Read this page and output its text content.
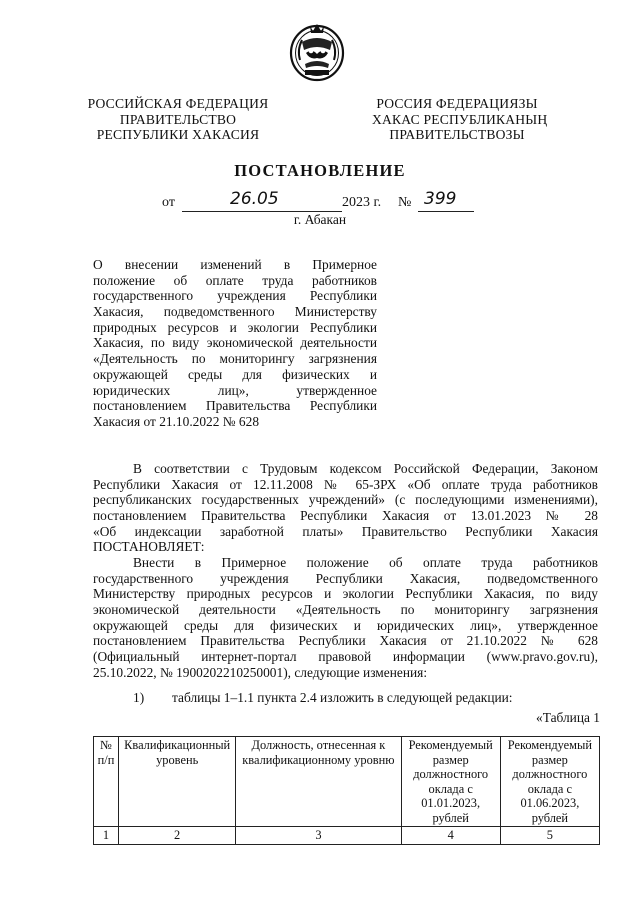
РОССИЙСКАЯ ФЕДЕРАЦИЯ
ПРАВИТЕЛЬСТВО
РЕСПУБЛИКИ ХАКАСИЯ
РОССИЯ ФЕДЕРАЦИЯЗЫ
ХАКАС РЕСПУБЛИКАНЫҢ
ПРАВИТЕЛЬСТВОЗЫ
ПОСТАНОВЛЕНИЕ
от	26.05	2023 г. № 399
г. Абакан
О внесении изменений в Примерное
положение об оплате труда работников
государственного учреждения Республики
Хакасия, подведомственного Министерству
природных ресурсов и экологии Республики
Хакасия, по виду экономической деятельности
«Деятельность по мониторингу загрязнения
окружающей среды для физических и
юридических лиц», утвержденное
постановлением Правительства Республики
Хакасия от 21.10.2022 № 628
В соответствии с Трудовым кодексом Российской Федерации, Законом
Республики Хакасия от 12.11.2008 № 65-ЗРХ «Об оплате труда работников
республиканских государственных учреждений» (с последующими изменениями),
постановлением Правительства Республики Хакасия от 13.01.2023 № 28
«Об индексации заработной платы» Правительство Республики Хакасия
ПОСТАНОВЛЯЕТ:
Внести в Примерное положение об оплате труда работников
государственного учреждения Республики Хакасия, подведомственного
Министерству природных ресурсов и экологии Республики Хакасия, по виду
экономической деятельности «Деятельность по мониторингу загрязнения
окружающей среды для физических и юридических лиц», утвержденное
постановлением Правительства Республики Хакасия от 21.10.2022 № 628
(Официальный интернет-портал правовой информации (www.pravo.gov.ru),
25.10.2022, № 1900202210250001), следующие изменения:
1) таблицы 1–1.1 пункта 2.4 изложить в следующей редакции:
«Таблица 1
№ п/п	Квалификационный уровень	Должность, отнесенная к квалификационному уровню	Рекомендуемый размер должностного оклада с 01.01.2023, рублей	Рекомендуемый размер должностного оклада с 01.06.2023, рублей
1	2	3	4	5
